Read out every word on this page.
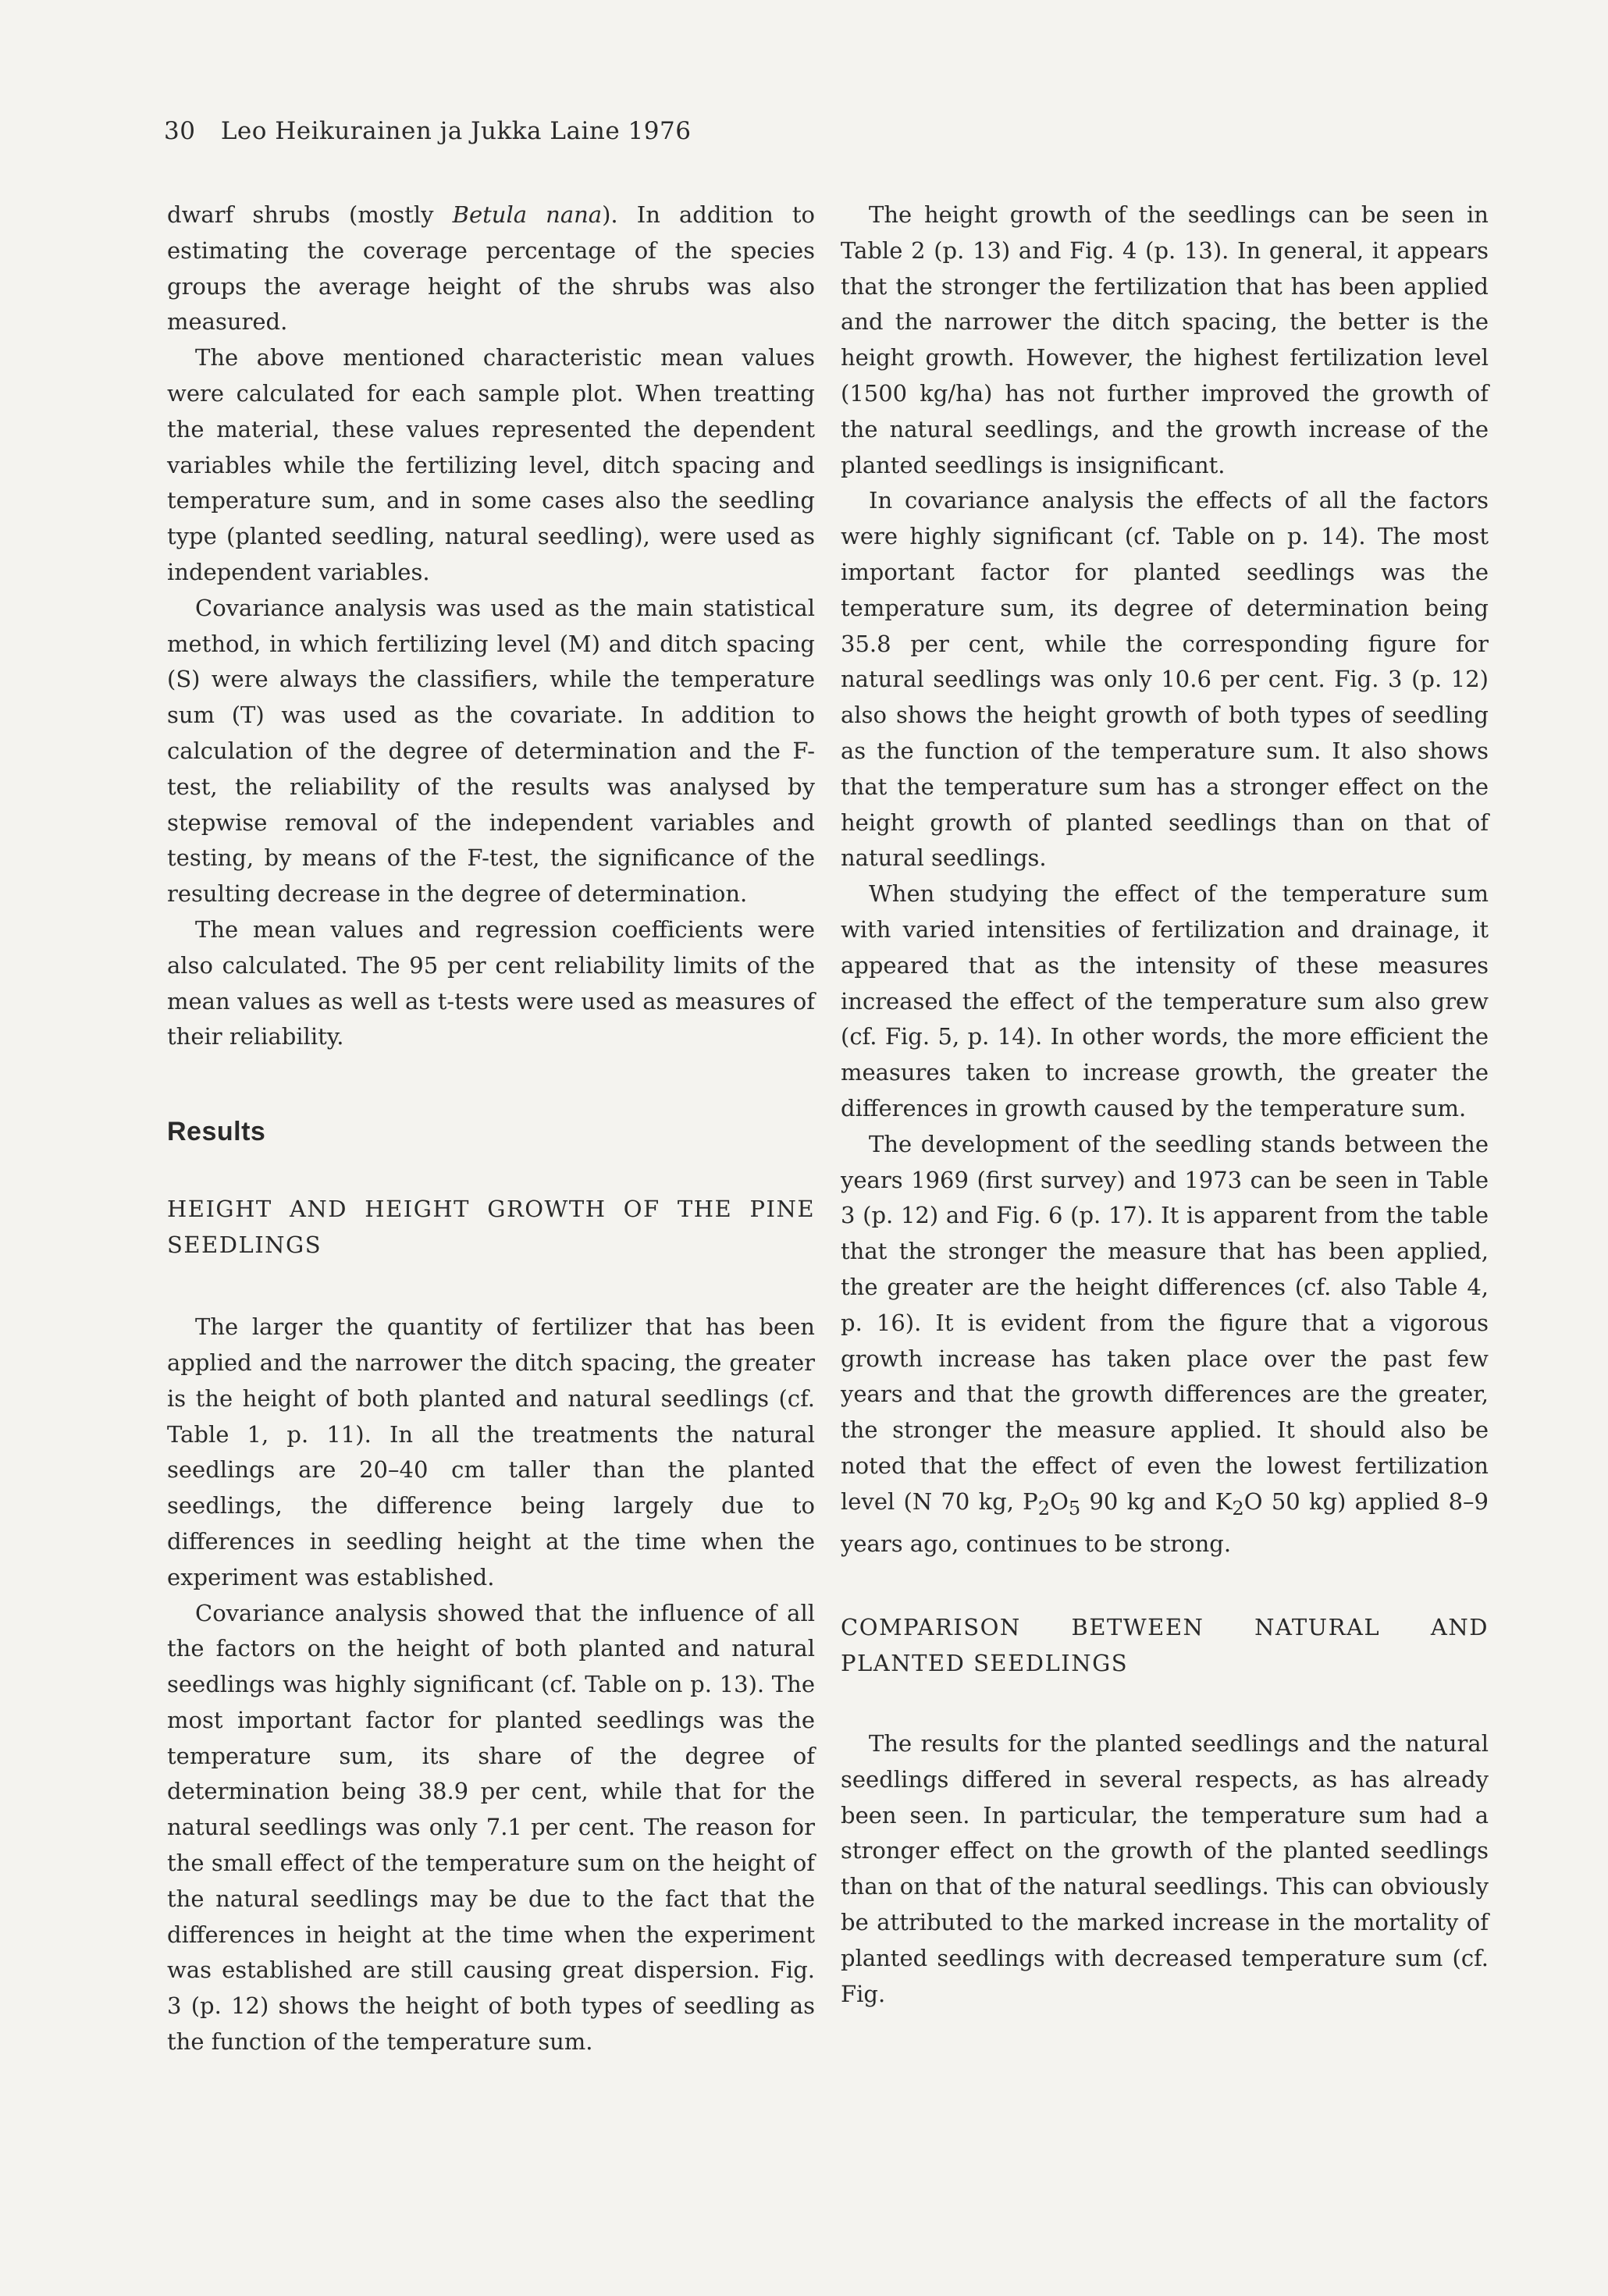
30 Leo Heikurainen ja Jukka Laine 1976

dwarf shrubs (mostly Betula nana). In addition to estimating the coverage percentage of the species groups the average height of the shrubs was also measured.

The above mentioned characteristic mean values were calculated for each sample plot. When treatting the material, these values represented the dependent variables while the fertilizing level, ditch spacing and temperature sum, and in some cases also the seedling type (planted seedling, natural seedling), were used as independent variables.

Covariance analysis was used as the main statistical method, in which fertilizing level (M) and ditch spacing (S) were always the classifiers, while the temperature sum (T) was used as the covariate. In addition to calculation of the degree of determination and the F-test, the reliability of the results was analysed by stepwise removal of the independent variables and testing, by means of the F-test, the significance of the resulting decrease in the degree of determination.

The mean values and regression coefficients were also calculated. The 95 per cent reliability limits of the mean values as well as t-tests were used as measures of their reliability.

Results
HEIGHT AND HEIGHT GROWTH OF THE PINE SEEDLINGS

The larger the quantity of fertilizer that has been applied and the narrower the ditch spacing, the greater is the height of both planted and natural seedlings (cf. Table 1, p. 11). In all the treatments the natural seedlings are 20–40 cm taller than the planted seedlings, the difference being largely due to differences in seedling height at the time when the experiment was established.

Covariance analysis showed that the influence of all the factors on the height of both planted and natural seedlings was highly significant (cf. Table on p. 13). The most important factor for planted seedlings was the temperature sum, its share of the degree of determination being 38.9 per cent, while that for the natural seedlings was only 7.1 per cent. The reason for the small effect of the temperature sum on the height of the natural seedlings may be due to the fact that the differences in height at the time when the experiment was established are still causing great dispersion. Fig. 3 (p. 12) shows the height of both types of seedling as the function of the temperature sum.

The height growth of the seedlings can be seen in Table 2 (p. 13) and Fig. 4 (p. 13). In general, it appears that the stronger the fertilization that has been applied and the narrower the ditch spacing, the better is the height growth. However, the highest fertilization level (1500 kg/ha) has not further improved the growth of the natural seedlings, and the growth increase of the planted seedlings is insignificant.

In covariance analysis the effects of all the factors were highly significant (cf. Table on p. 14). The most important factor for planted seedlings was the temperature sum, its degree of determination being 35.8 per cent, while the corresponding figure for natural seedlings was only 10.6 per cent. Fig. 3 (p. 12) also shows the height growth of both types of seedling as the function of the temperature sum. It also shows that the temperature sum has a stronger effect on the height growth of planted seedlings than on that of natural seedlings.

When studying the effect of the temperature sum with varied intensities of fertilization and drainage, it appeared that as the intensity of these measures increased the effect of the temperature sum also grew (cf. Fig. 5, p. 14). In other words, the more efficient the measures taken to increase growth, the greater the differences in growth caused by the temperature sum.

The development of the seedling stands between the years 1969 (first survey) and 1973 can be seen in Table 3 (p. 12) and Fig. 6 (p. 17). It is apparent from the table that the stronger the measure that has been applied, the greater are the height differences (cf. also Table 4, p. 16). It is evident from the figure that a vigorous growth increase has taken place over the past few years and that the growth differences are the greater, the stronger the measure applied. It should also be noted that the effect of even the lowest fertilization level (N 70 kg, $P_2O_5$ 90 kg and $K_2O$ 50 kg) applied 8–9 years ago, continues to be strong.

COMPARISON BETWEEN NATURAL AND PLANTED SEEDLINGS

The results for the planted seedlings and the natural seedlings differed in several respects, as has already been seen. In particular, the temperature sum had a stronger effect on the growth of the planted seedlings than on that of the natural seedlings. This can obviously be attributed to the marked increase in the mortality of planted seedlings with decreased temperature sum (cf. Fig.
